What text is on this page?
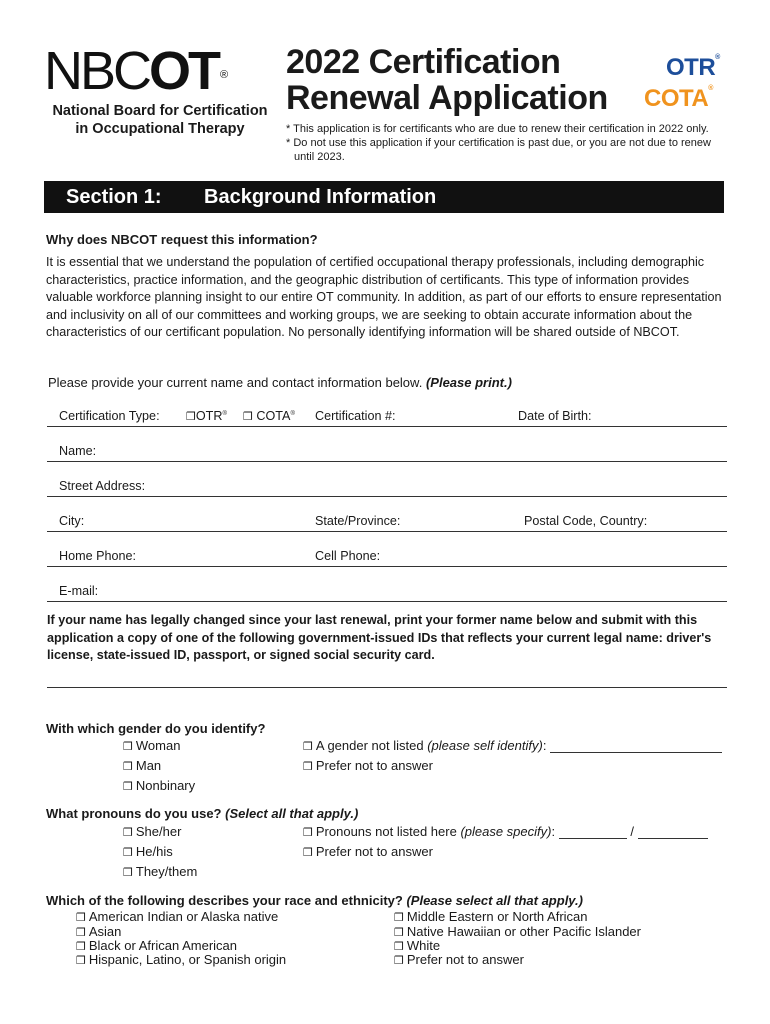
NBCOT ®
National Board for Certification
in Occupational Therapy
2022 Certification
Renewal Application
OTR®
COTA®

* This application is for certificants who are due to renew their certification in 2022 only.

* Do not use this application if your certification is past due, or you are not due to renew until 2023.

Section 1: Background Information
Why does NBCOT request this information?
It is essential that we understand the population of certified occupational therapy professionals, including demographic characteristics, practice information, and the geographic distribution of certificants. This type of information provides valuable workforce planning insight to our entire OT community. In addition, as part of our efforts to ensure representation and inclusivity on all of our committees and working groups, we are seeking to obtain accurate information about the characteristics of our certificant population. No personally identifying information will be shared outside of NBCOT.
Please provide your current name and contact information below. (Please print.)
Certification Type: ❒OTR® ❒ COTA® Certification #:	Date of Birth:
Name:
Street Address:
City:	State/Province:	Postal Code, Country:
Home Phone:	Cell Phone:
E-mail:
If your name has legally changed since your last renewal, print your former name below and submit with this application a copy of one of the following government-issued IDs that reflects your current legal name: driver's license, state-issued ID, passport, or signed social security card.
With which gender do you identify?
❒ Woman
❒ Man
❒ Nonbinary
❒ A gender not listed (please self identify):
❒ Prefer not to answer
What pronouns do you use? (Select all that apply.)
❒ She/her
❒ He/his
❒ They/them
❒ Pronouns not listed here (please specify):	/
❒ Prefer not to answer
Which of the following describes your race and ethnicity? (Please select all that apply.)
❒ American Indian or Alaska native
❒ Asian
❒ Black or African American
❒ Hispanic, Latino, or Spanish origin
❒ Middle Eastern or North African
❒ Native Hawaiian or other Pacific Islander
❒ White
❒ Prefer not to answer
